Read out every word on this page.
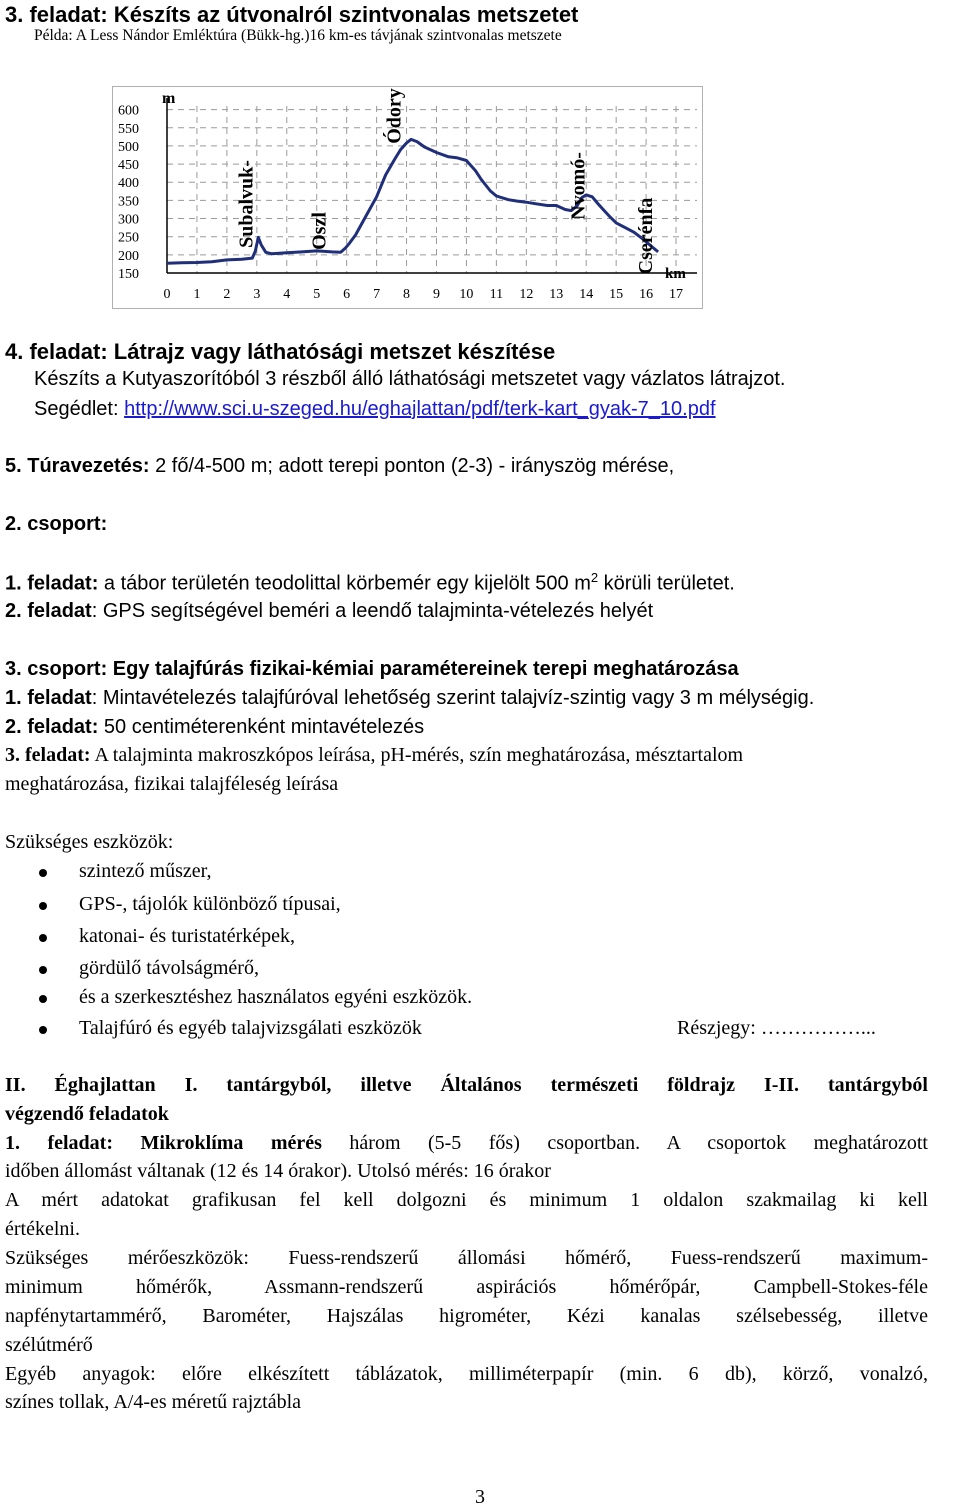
3. feladat: Készíts az útvonalról szintvonalas metszetet
Példa: A Less Nándor Emléktúra (Bükk-hg.)16 km-es távjának szintvonalas metszete
600
550
500
450
400
350
300
250
200
150
0 1 2 3 4 5 6 7 8 9 10 11 12 13 14 15 16 17
m
km
Subalvuk-	Oszl
Ódory
Nvomó-
Cserénfa
4. feladat: Látrajz vagy láthatósági metszet készítése
Készíts a Kutyaszorítóból 3 részből álló láthatósági metszetet vagy vázlatos látrajzot.
Segédlet: http://www.sci.u-szeged.hu/eghajlattan/pdf/terk-kart_gyak-7_10.pdf
5. Túravezetés: 2 fő/4-500 m; adott terepi ponton (2-3) - irányszög mérése,
2. csoport:
1. feladat: a tábor területén teodolittal körbemér egy kijelölt 500 $m^2$ körüli területet.
2. feladat: GPS segítségével beméri a leendő talajminta-vételezés helyét
3. csoport: Egy talajfúrás fizikai-kémiai paramétereinek terepi meghatározása
1. feladat: Mintavételezés talajfúróval lehetőség szerint talajvíz-szintig vagy 3 m mélységig.
2. feladat: 50 centiméterenként mintavételezés
3. feladat: A talajminta makroszkópos leírása, pH-mérés, szín meghatározása, mésztartalom
meghatározása, fizikai talajféleség leírása
Szükséges eszközök:
szintező műszer,
GPS-, tájolók különböző típusai,
katonai- és turistatérképek,
gördülő távolságmérő,
és a szerkesztéshez használatos egyéni eszközök.
Talajfúró és egyéb talajvizsgálati eszközök	Részjegy: ……………...
II. Éghajlattan I. tantárgyból, illetve Általános természeti földrajz I-II. tantárgyból
végzendő feladatok
1. feladat: Mikroklíma mérés három (5-5 fős) csoportban. A csoportok meghatározott
időben állomást váltanak (12 és 14 órakor). Utolsó mérés: 16 órakor
A mért adatokat grafikusan fel kell dolgozni és minimum 1 oldalon szakmailag ki kell
értékelni.
Szükséges mérőeszközök: Fuess-rendszerű állomási hőmérő, Fuess-rendszerű maximum-
minimum hőmérők, Assmann-rendszerű aspirációs hőmérőpár, Campbell-Stokes-féle
napfénytartammérő, Barométer, Hajszálas higrométer, Kézi kanalas szélsebesség, illetve
szélútmérő
Egyéb anyagok: előre elkészített táblázatok, milliméterpapír (min. 6 db), körző, vonalzó,
színes tollak, A/4-es méretű rajztábla
3
